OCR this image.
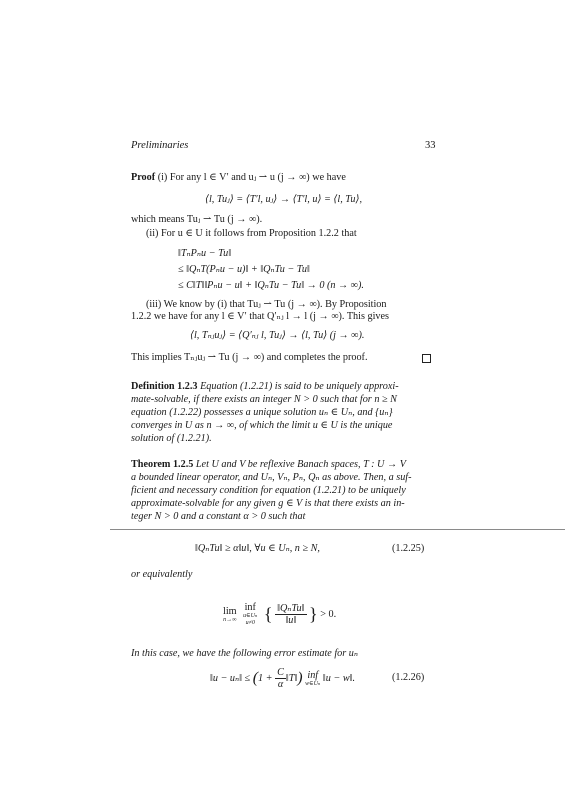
Preliminaries	33
Proof (i) For any l ∈ V′ and uⱼ ⇀ u (j → ∞) we have
⟨l, Tuⱼ⟩ = ⟨T′l, uⱼ⟩ → ⟨T′l, u⟩ = ⟨l, Tu⟩,
which means Tuⱼ ⇀ Tu (j → ∞).
(ii) For u ∈ U it follows from Proposition 1.2.2 that
‖TₙPₙu − Tu‖
≤ ‖QₙT(Pₙu − u)‖ + ‖QₙTu − Tu‖
≤ C‖T‖‖Pₙu − u‖ + ‖QₙTu − Tu‖ → 0 (n → ∞).
(iii) We know by (i) that Tuⱼ ⇀ Tu (j → ∞). By Proposition
1.2.2 we have for any l ∈ V′ that Q′ₙⱼ l → l (j → ∞). This gives
⟨l, Tₙⱼuⱼ⟩ = ⟨Q′ₙⱼ l, Tuⱼ⟩ → ⟨l, Tu⟩ (j → ∞).
This implies Tₙⱼuⱼ ⇀ Tu (j → ∞) and completes the proof.
Definition 1.2.3 Equation (1.2.21) is said to be uniquely approxi-
mate-solvable, if there exists an integer N > 0 such that for n ≥ N
equation (1.2.22) possesses a unique solution uₙ ∈ Uₙ, and {uₙ}
converges in U as n → ∞, of which the limit u ∈ U is the unique
solution of (1.2.21).
Theorem 1.2.5 Let U and V be reflexive Banach spaces, T : U → V
a bounded linear operator, and Uₙ, Vₙ, Pₙ, Qₙ as above. Then, a suf-
ficient and necessary condition for equation (1.2.21) to be uniquely
approximate-solvable for any given g ∈ V is that there exists an in-
teger N > 0 and a constant α > 0 such that
‖QₙTu‖ ≥ α‖u‖, ∀u ∈ Uₙ, n ≥ N,	(1.2.25)
or equivalently
lim
n→∞
inf
u∈Uₙ
u≠0 { $\frac{\text{‖QₙTu‖}}{‖u‖}$ } > 0.
In this case, we have the following error estimate for uₙ
‖u − uₙ‖ ≤ ($1 + \frac{C}{\alpha}$ ‖T‖) inf
w∈Uₙ ‖u − w‖.	(1.2.26)
